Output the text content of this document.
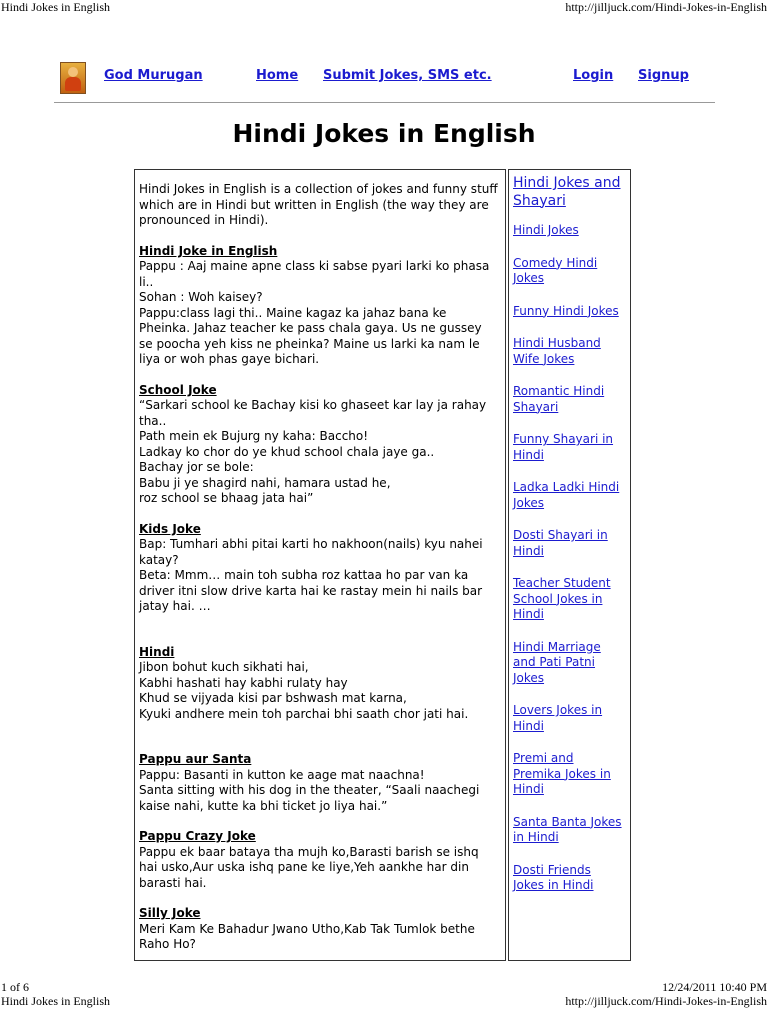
Hindi Jokes in English	http://jilljuck.com/Hindi-Jokes-in-English
God Murugan	Home Submit Jokes, SMS etc.	Login Signup
Hindi Jokes in English

Hindi Jokes in English is a collection of jokes and funny stuff which are in Hindi but written in English (the way they are pronounced in Hindi).

Hindi Joke in English
Pappu : Aaj maine apne class ki sabse pyari larki ko phasa li..
Sohan : Woh kaisey?
Pappu:class lagi thi.. Maine kagaz ka jahaz bana ke Pheinka. Jahaz teacher ke pass chala gaya. Us ne gussey se poocha yeh kiss ne pheinka? Maine us larki ka nam le liya or woh phas gaye bichari.
School Joke
“Sarkari school ke Bachay kisi ko ghaseet kar lay ja rahay tha..
Path mein ek Bujurg ny kaha: Baccho!
Ladkay ko chor do ye khud school chala jaye ga..
Bachay jor se bole:
Babu ji ye shagird nahi, hamara ustad he,
roz school se bhaag jata hai”
Kids Joke
Bap: Tumhari abhi pitai karti ho nakhoon(nails) kyu nahei katay?
Beta: Mmm… main toh subha roz kattaa ho par van ka driver itni slow drive karta hai ke rastay mein hi nails bar jatay hai. …
Hindi
Jibon bohut kuch sikhati hai,
Kabhi hashati hay kabhi rulaty hay
Khud se vijyada kisi par bshwash mat karna,
Kyuki andhere mein toh parchai bhi saath chor jati hai.
Pappu aur Santa
Pappu: Basanti in kutton ke aage mat naachna!
Santa sitting with his dog in the theater, “Saali naachegi kaise nahi, kutte ka bhi ticket jo liya hai.”
Pappu Crazy Joke
Pappu ek baar bataya tha mujh ko,Barasti barish se ishq hai usko,Aur uska ishq pane ke liye,Yeh aankhe har din barasti hai.
Silly Joke
Meri Kam Ke Bahadur Jwano Utho,Kab Tak Tumlok bethe Raho Ho?
Hindi Jokes and Shayari
Hindi Jokes
Comedy Hindi Jokes
Funny Hindi Jokes
Hindi Husband Wife Jokes
Romantic Hindi Shayari
Funny Shayari in Hindi
Ladka Ladki Hindi Jokes
Dosti Shayari in Hindi
Teacher Student School Jokes in Hindi
Hindi Marriage and Pati Patni Jokes
Lovers Jokes in Hindi
Premi and Premika Jokes in Hindi
Santa Banta Jokes in Hindi
Dosti Friends Jokes in Hindi
1 of 6	12/24/2011 10:40 PM
Hindi Jokes in English	http://jilljuck.com/Hindi-Jokes-in-English
